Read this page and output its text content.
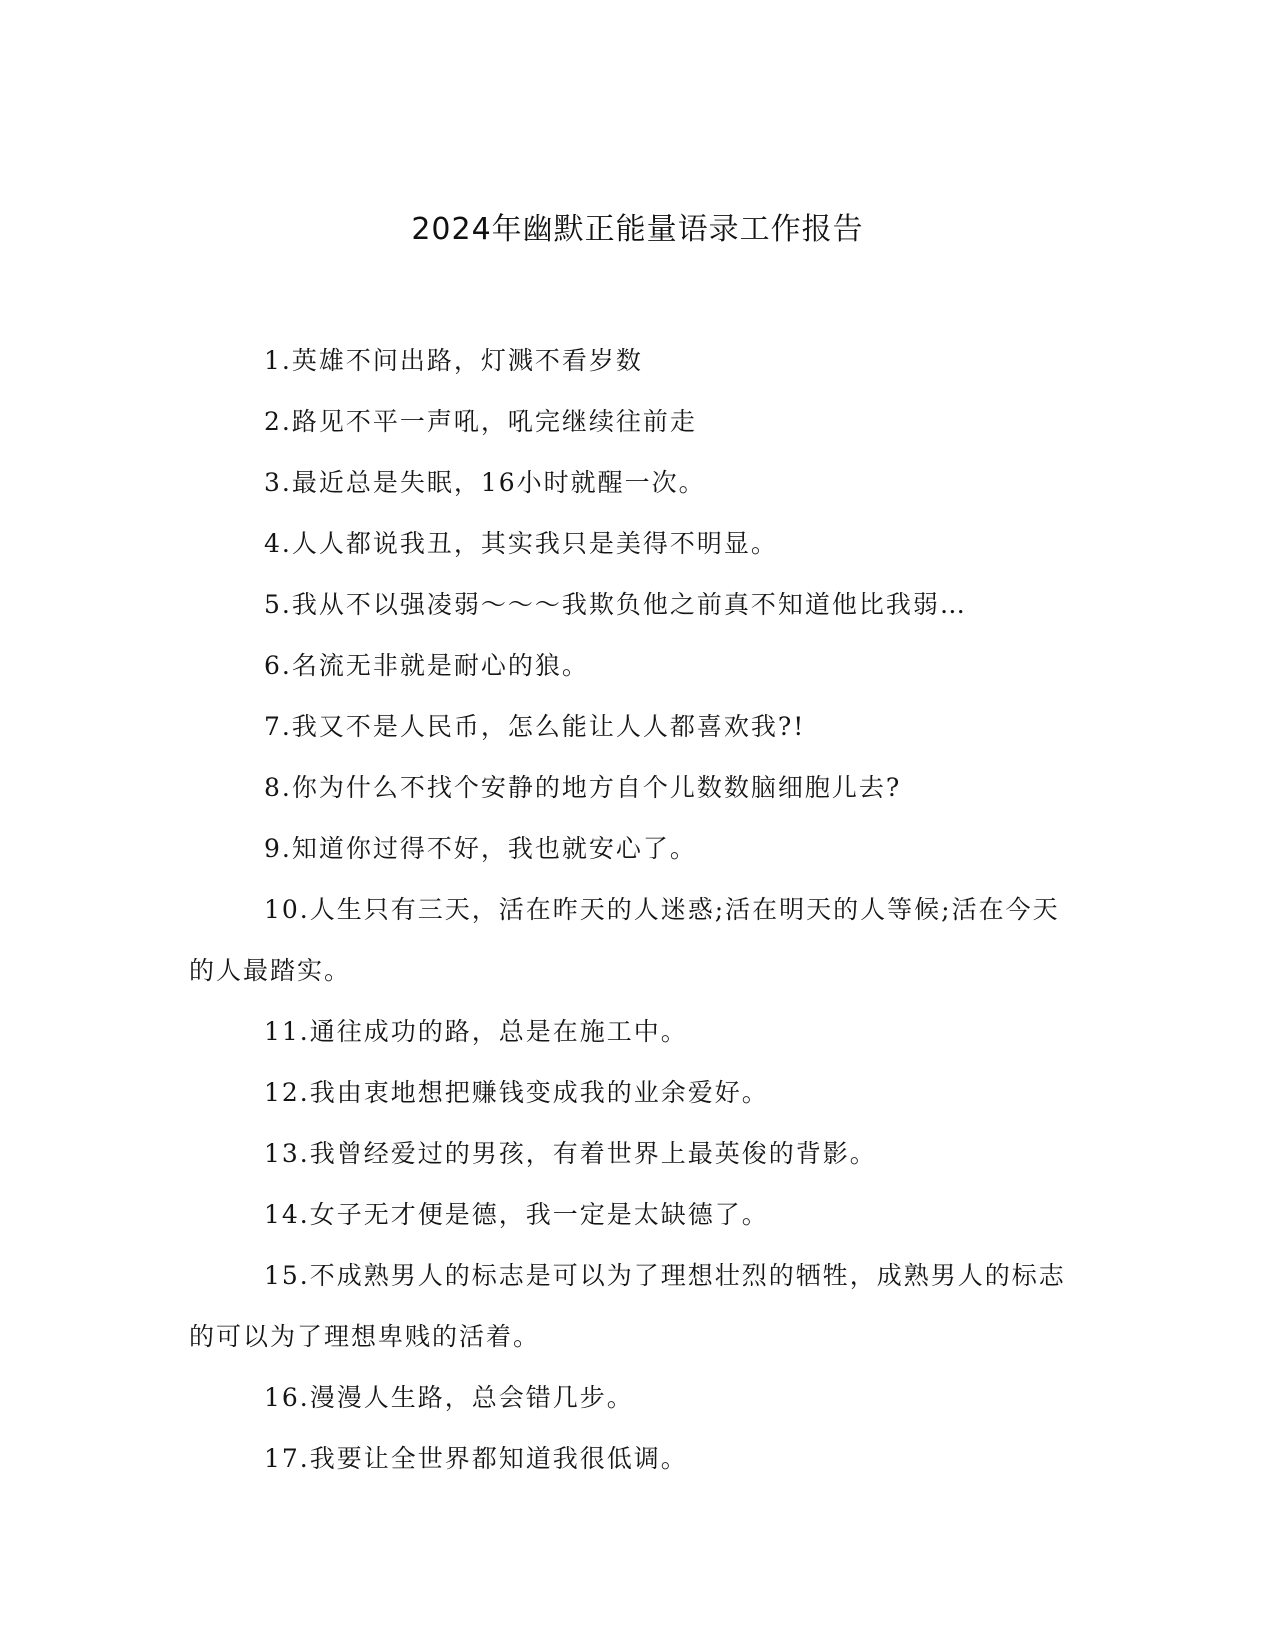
2024年幽默正能量语录工作报告

1.英雄不问出路，灯溅不看岁数

2.路见不平一声吼，吼完继续往前走

3.最近总是失眠，16小时就醒一次。

4.人人都说我丑，其实我只是美得不明显。

5.我从不以强凌弱～～～我欺负他之前真不知道他比我弱…

6.名流无非就是耐心的狼。

7.我又不是人民币，怎么能让人人都喜欢我?!

8.你为什么不找个安静的地方自个儿数数脑细胞儿去?

9.知道你过得不好，我也就安心了。

10.人生只有三天，活在昨天的人迷惑;活在明天的人等候;活在今天的人最踏实。

11.通往成功的路，总是在施工中。

12.我由衷地想把赚钱变成我的业余爱好。

13.我曾经爱过的男孩，有着世界上最英俊的背影。

14.女子无才便是德，我一定是太缺德了。

15.不成熟男人的标志是可以为了理想壮烈的牺牲，成熟男人的标志的可以为了理想卑贱的活着。

16.漫漫人生路，总会错几步。

17.我要让全世界都知道我很低调。
